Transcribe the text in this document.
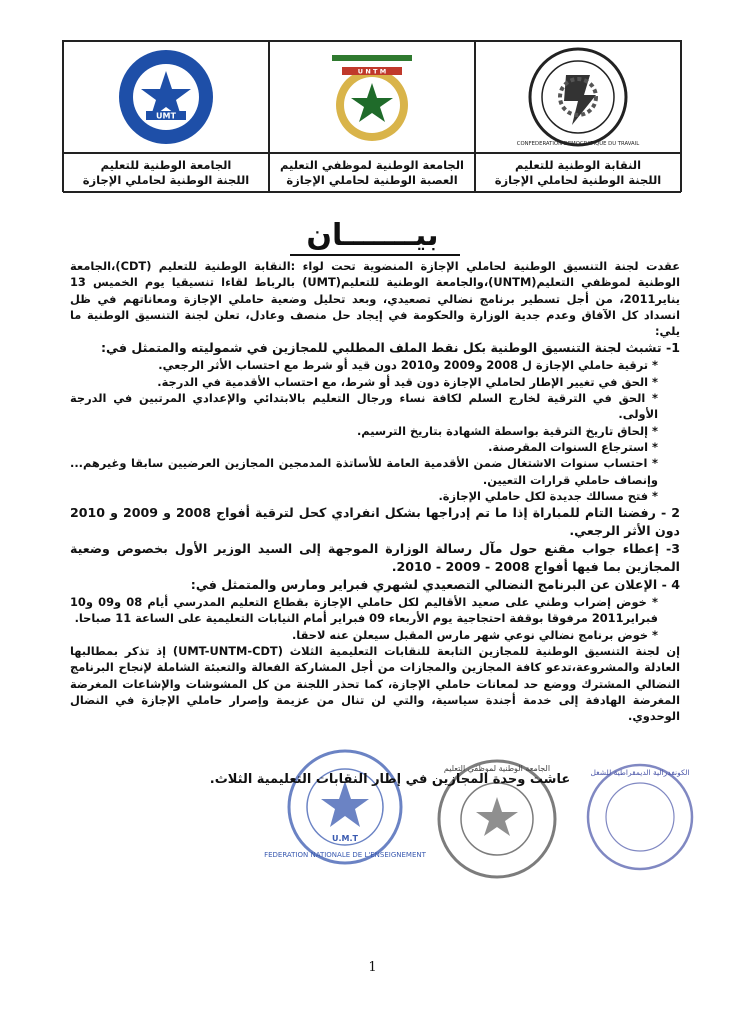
UMT
U N T M
CONFEDERATION DEMOCRATIQUE DU TRAVAIL
الجامعة الوطنية للتعليم
اللجنة الوطنية لحاملي الإجازة
الجامعة الوطنية لموظفي التعليم
العصبة الوطنية لحاملي الإجازة
النقابة الوطنية للتعليم
اللجنة الوطنية لحاملي الإجازة
بيـــــــان

عقدت لجنة التنسيق الوطنية لحاملي الإجازة المنضوية تحت لواء :النقابة الوطنية للتعليم (CDT)،الجامعة الوطنية لموظفي التعليم(UNTM)،والجامعة الوطنية للتعليم(UMT) بالرباط لقاءا تنسيقيا يوم الخميس 13 يناير2011، من أجل تسطير برنامج نضالي تصعيدي، وبعد تحليل وضعية حاملي الإجازة ومعاناتهم في ظل انسداد كل الآفاق وعدم جدية الوزارة والحكومة في إيجاد حل منصف وعادل، تعلن لجنة التنسيق الوطنية ما يلي:

1- تشبث لجنة التنسيق الوطنية بكل نقط الملف المطلبي للمجازين في شموليته والمتمثل في:

* ترقية حاملي الإجازة ل 2008 و2009 و2010 دون قيد أو شرط مع احتساب الأثر الرجعي.

* الحق في تغيير الإطار لحاملي الإجازة دون قيد أو شرط، مع احتساب الأقدمية في الدرجة.

* الحق في الترقية لخارج السلم لكافة نساء ورجال التعليم بالابتدائي والإعدادي المرتبين في الدرجة الأولى.

* إلحاق تاريخ الترقية بواسطة الشهادة بتاريخ الترسيم.

* استرجاع السنوات المقرصنة.

* احتساب سنوات الاشتغال ضمن الأقدمية العامة للأساتذة المدمجين المجازين العرضيين سابقا وغيرهم... وإنصاف حاملي قرارات التعيين.

* فتح مسالك جديدة لكل حاملي الإجازة.

2 - رفضنا التام للمباراة إذا ما تم إدراجها بشكل انفرادي كحل لترقية أفواج 2008 و 2009 و 2010 دون الأثر الرجعي.

3- إعطاء جواب مقنع حول مآل رسالة الوزارة الموجهة إلى السيد الوزير الأول بخصوص وضعية المجازين بما فيها أفواج 2008 - 2009 - 2010.

4 - الإعلان عن البرنامج النضالي التصعيدي لشهري فبراير ومارس والمتمثل في:

* خوض إضراب وطني على صعيد الأقاليم لكل حاملي الإجازة بقطاع التعليم المدرسي أيام 08 و09 و10 فبراير2011 مرفوقا بوقفة احتجاجية يوم الأربعاء 09 فبراير أمام النيابات التعليمية على الساعة 11 صباحا.

* خوض برنامج نضالي نوعي شهر مارس المقبل سيعلن عنه لاحقا.

إن لجنة التنسيق الوطنية للمجازين التابعة للنقابات التعليمية الثلاث (UMT-UNTM-CDT) إذ تذكر بمطالبها العادلة والمشروعة،تدعو كافة المجازين والمجازات من أجل المشاركة الفعالة والتعبئة الشاملة لإنجاح البرنامج النضالي المشترك ووضع حد لمعانات حاملي الإجازة، كما تحذر اللجنة من كل المشوشات والإشاعات المغرضة المغرضة الهادفة إلى خدمة أجندة سياسية، والتي لن تنال من عزيمة وإصرار حاملي الإجازة في النضال الوحدوي.

FEDERATION NATIONALE DE L'ENSEIGNEMENT
U.M.T
الجامعة الوطنية لموظفي التعليم	الكونفدرالية الديمقراطية للشغل
عاشت وحدة المجازين في إطار النقابات التعليمية الثلاث.
1
